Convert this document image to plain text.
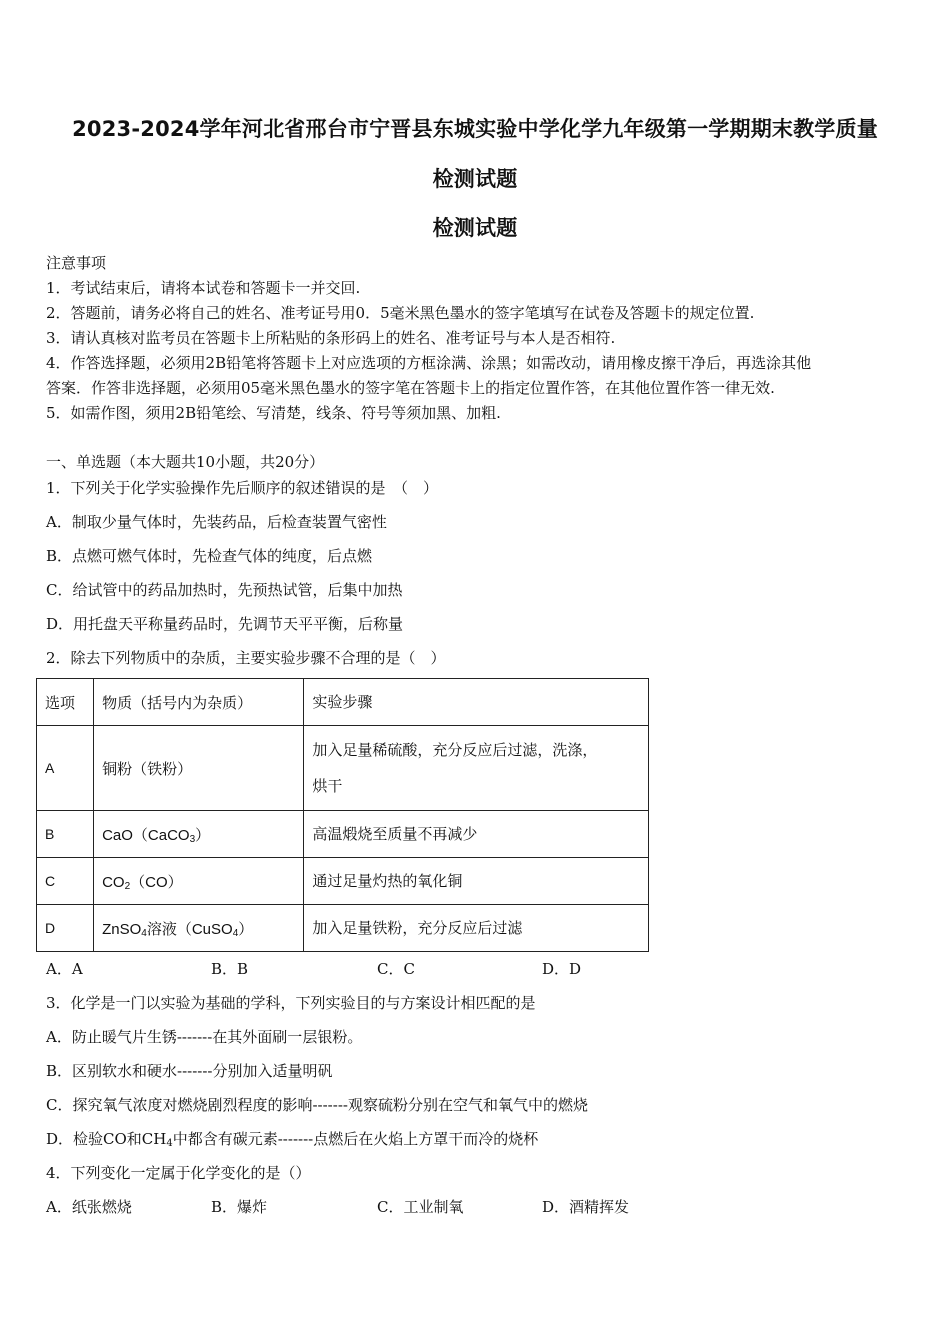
2023-2024学年河北省邢台市宁晋县东城实验中学化学九年级第一学期期末教学质量
检测试题
检测试题
注意事项
1．考试结束后，请将本试卷和答题卡一并交回.
2．答题前，请务必将自己的姓名、准考证号用0．5毫米黑色墨水的签字笔填写在试卷及答题卡的规定位置.
3．请认真核对监考员在答题卡上所粘贴的条形码上的姓名、准考证号与本人是否相符.
4．作答选择题，必须用2B铅笔将答题卡上对应选项的方框涂满、涂黑；如需改动，请用橡皮擦干净后，再选涂其他
答案．作答非选择题，必须用05毫米黑色墨水的签字笔在答题卡上的指定位置作答，在其他位置作答一律无效.
5．如需作图，须用2B铅笔绘、写清楚，线条、符号等须加黑、加粗.
一、单选题（本大题共10小题，共20分）
1．下列关于化学实验操作先后顺序的叙述错误的是　（　）
A．制取少量气体时，先装药品，后检查装置气密性
B．点燃可燃气体时，先检查气体的纯度，后点燃
C．给试管中的药品加热时，先预热试管，后集中加热
D．用托盘天平称量药品时，先调节天平平衡，后称量
2．除去下列物质中的杂质，主要实验步骤不合理的是（　）
选项	物质（括号内为杂质）	实验步骤
A	铜粉（铁粉）	加入足量稀硫酸，充分反应后过滤，洗涤，
烘干
B	CaO（CaCO$_3$）	高温煅烧至质量不再减少
C	$CO_2(CO)$	通过足量灼热的氧化铜
D	ZnSO$_4$溶液（CuSO$_4$）	加入足量铁粉，充分反应后过滤
A．A	B．B	C．C	D．D
3．化学是一门以实验为基础的学科，下列实验目的与方案设计相匹配的是
A．防止暖气片生锈-------在其外面刷一层银粉。
B．区别软水和硬水-------分别加入适量明矾
C．探究氧气浓度对燃烧剧烈程度的影响-------观察硫粉分别在空气和氧气中的燃烧
D．检验CO和$CH_4$中都含有碳元素-------点燃后在火焰上方罩干而冷的烧杯
4．下列变化一定属于化学变化的是（）
A．纸张燃烧	B．爆炸	C．工业制氧	D．酒精挥发
